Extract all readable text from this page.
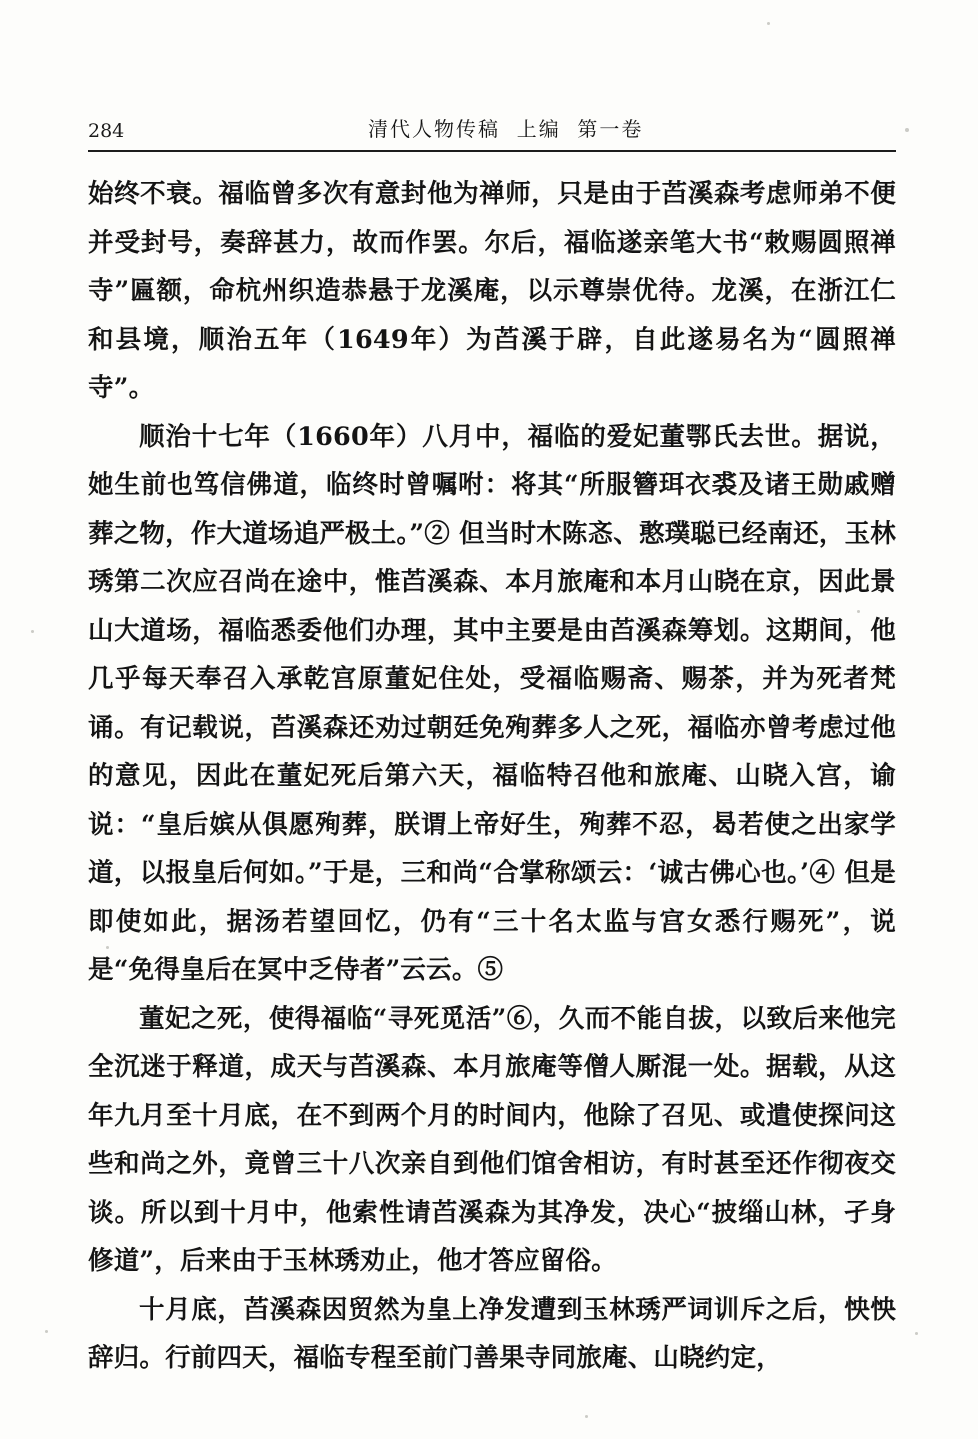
284	清代人物传稿  上编  第一卷

始终不衰。福临曾多次有意封他为禅师，只是由于苩溪森考虑师弟不便并受封号，奏辞甚力，故而作罢。尔后，福临遂亲笔大书“敕赐圆照禅寺”匾额，命杭州织造恭悬于龙溪庵，以示尊崇优待。龙溪，在浙江仁和县境，顺治五年（1649年）为苩溪于辟，自此遂易名为“圆照禅寺”。

顺治十七年（1660年）八月中，福临的爱妃董鄂氏去世。据说，她生前也笃信佛道，临终时曾嘱咐：将其“所服簪珥衣裘及诸王勋戚赠葬之物，作大道场追严极土。”② 但当时木陈忞、憨璞聪已经南还，玉林琇第二次应召尚在途中，惟苩溪森、本月旅庵和本月山晓在京，因此景山大道场，福临悉委他们办理，其中主要是由苩溪森筹划。这期间，他几乎每天奉召入承乾宫原董妃住处，受福临赐斋、赐茶，并为死者梵诵。有记载说，苩溪森还劝过朝廷免殉葬多人之死，福临亦曾考虑过他的意见，因此在董妃死后第六天，福临特召他和旅庵、山晓入宫，谕说：“皇后嫔从俱愿殉葬，朕谓上帝好生，殉葬不忍，曷若使之出家学道，以报皇后何如。”于是，三和尚“合掌称颂云：‘诚古佛心也。’④ 但是即使如此，据汤若望回忆，仍有“三十名太监与宫女悉行赐死”，说是“免得皇后在冥中乏侍者”云云。⑤

董妃之死，使得福临“寻死觅活”⑥，久而不能自拔，以致后来他完全沉迷于释道，成天与苩溪森、本月旅庵等僧人厮混一处。据载，从这年九月至十月底，在不到两个月的时间内，他除了召见、或遣使探问这些和尚之外，竟曾三十八次亲自到他们馆舍相访，有时甚至还作彻夜交谈。所以到十月中，他索性请苩溪森为其净发，决心“披缁山林，孑身修道”，后来由于玉林琇劝止，他才答应留俗。

十月底，苩溪森因贸然为皇上净发遭到玉林琇严词训斥之后，怏怏辞归。行前四天，福临专程至前门善果寺同旅庵、山晓约定，
